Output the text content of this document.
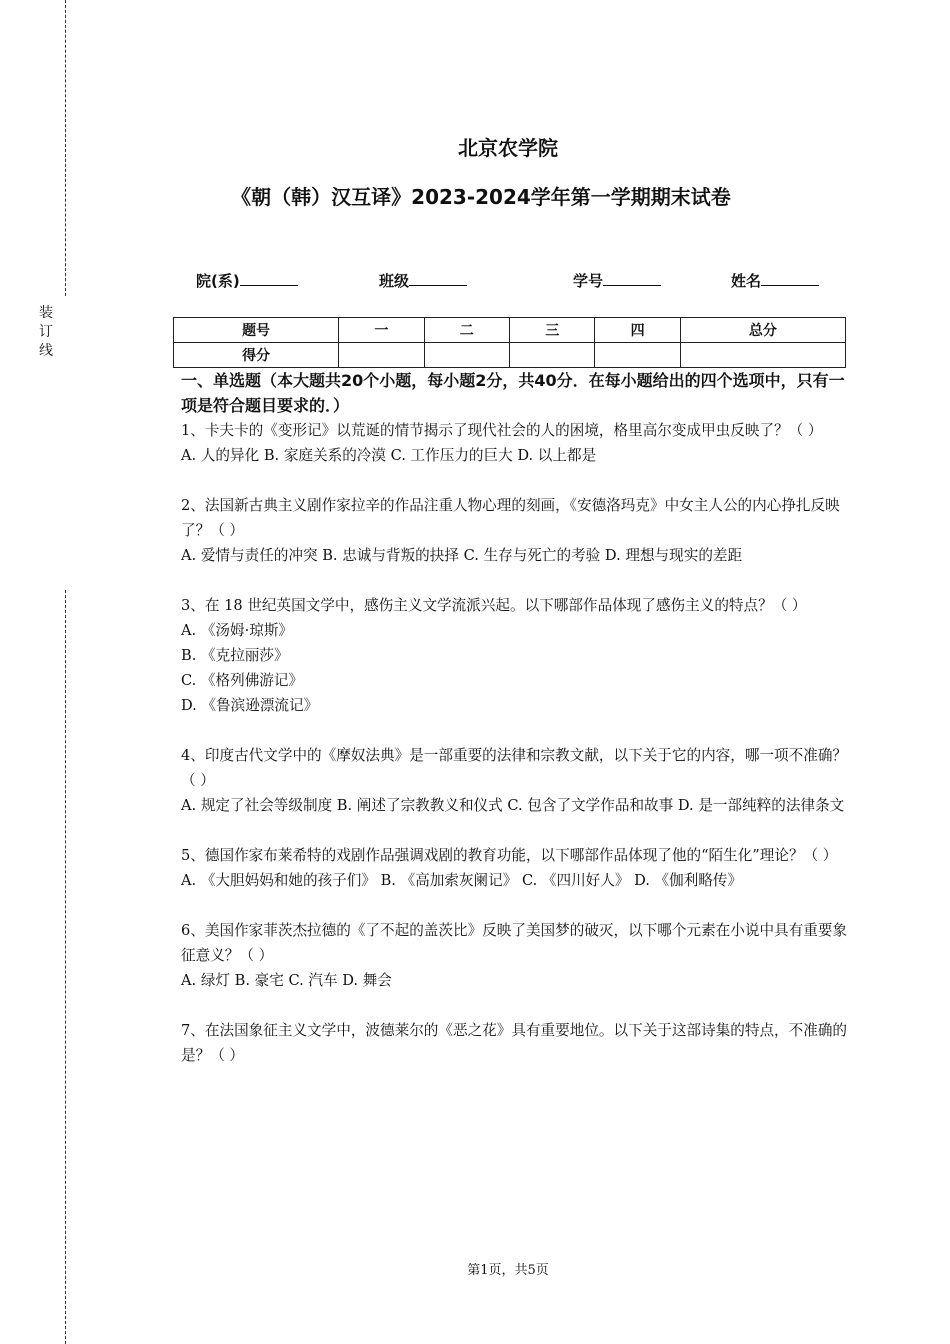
装订线
北京农学院
《朝（韩）汉互译》2023-2024学年第一学期期末试卷
院(系)	班级	学号	姓名
题号	一	二	三	四	总分
得分					
一、单选题（本大题共20个小题，每小题2分，共40分．在每小题给出的四个选项中，只有一项是符合题目要求的．）
1、卡夫卡的《变形记》以荒诞的情节揭示了现代社会的人的困境，格里高尔变成甲虫反映了？（ ）
A. 人的异化 B. 家庭关系的冷漠 C. 工作压力的巨大 D. 以上都是
2、法国新古典主义剧作家拉辛的作品注重人物心理的刻画，《安德洛玛克》中女主人公的内心挣扎反映了？（ ）
A. 爱情与责任的冲突 B. 忠诚与背叛的抉择 C. 生存与死亡的考验 D. 理想与现实的差距
3、在 18 世纪英国文学中，感伤主义文学流派兴起。以下哪部作品体现了感伤主义的特点？（ ）
A. 《汤姆·琼斯》
B. 《克拉丽莎》
C. 《格列佛游记》
D. 《鲁滨逊漂流记》
4、印度古代文学中的《摩奴法典》是一部重要的法律和宗教文献，以下关于它的内容，哪一项不准确？（ ）
A. 规定了社会等级制度 B. 阐述了宗教教义和仪式 C. 包含了文学作品和故事 D. 是一部纯粹的法律条文
5、德国作家布莱希特的戏剧作品强调戏剧的教育功能，以下哪部作品体现了他的“陌生化”理论？（ ）
A. 《大胆妈妈和她的孩子们》 B. 《高加索灰阑记》 C. 《四川好人》 D. 《伽利略传》
6、美国作家菲茨杰拉德的《了不起的盖茨比》反映了美国梦的破灭，以下哪个元素在小说中具有重要象征意义？（ ）
A. 绿灯 B. 豪宅 C. 汽车 D. 舞会
7、在法国象征主义文学中，波德莱尔的《恶之花》具有重要地位。以下关于这部诗集的特点，不准确的是？（ ）
第1页，共5页
